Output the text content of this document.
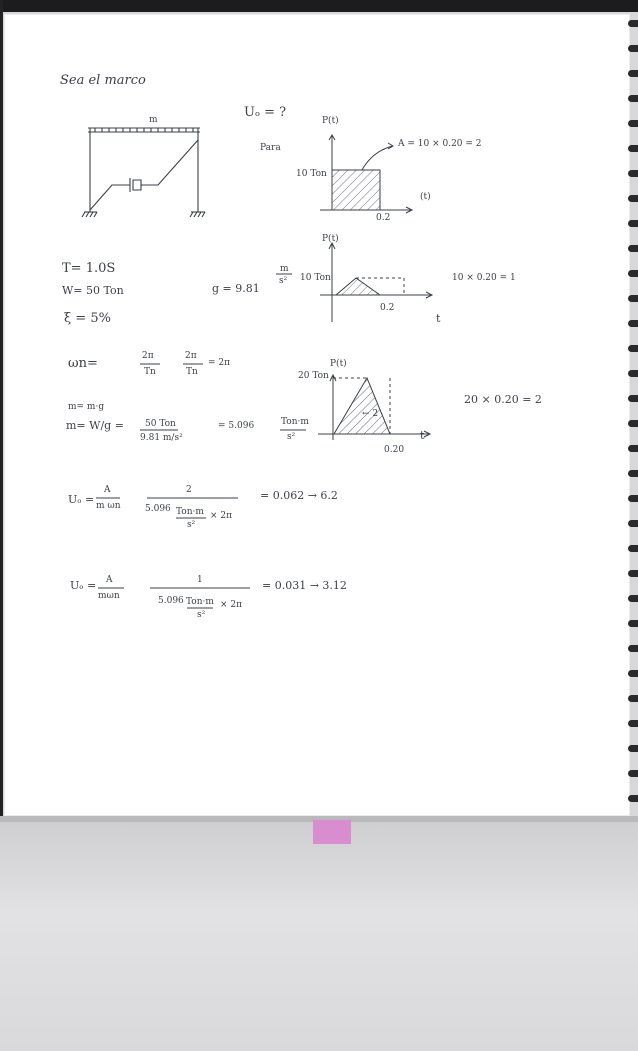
Sea el marco
m	Uₒ = ?
Para
P(t)
10 Ton
0.2
(t)
A = 10 × 0.20 = 2
P(t)
10 Ton
0.2
t
10 × 0.20 = 1
P(t)
20 Ton
0.20
t
← 2
20 × 0.20 = 2
T= 1.0S
W= 50 Ton	g = 9.81
m
s²
ξ = 5%
ωn=	2π
Tn
2π
Tn
= 2π
m= m·g
m= W/g = 50 Ton
9.81 m/s²
= 5.096	Ton·m
s²
Uₒ =
A
m ωn
2
5.096 Ton·m
s²
× 2π
= 0.062 → 6.2
Uₒ = A
mωn
1
5.096 Ton·m
s²
× 2π
= 0.031 → 3.12
